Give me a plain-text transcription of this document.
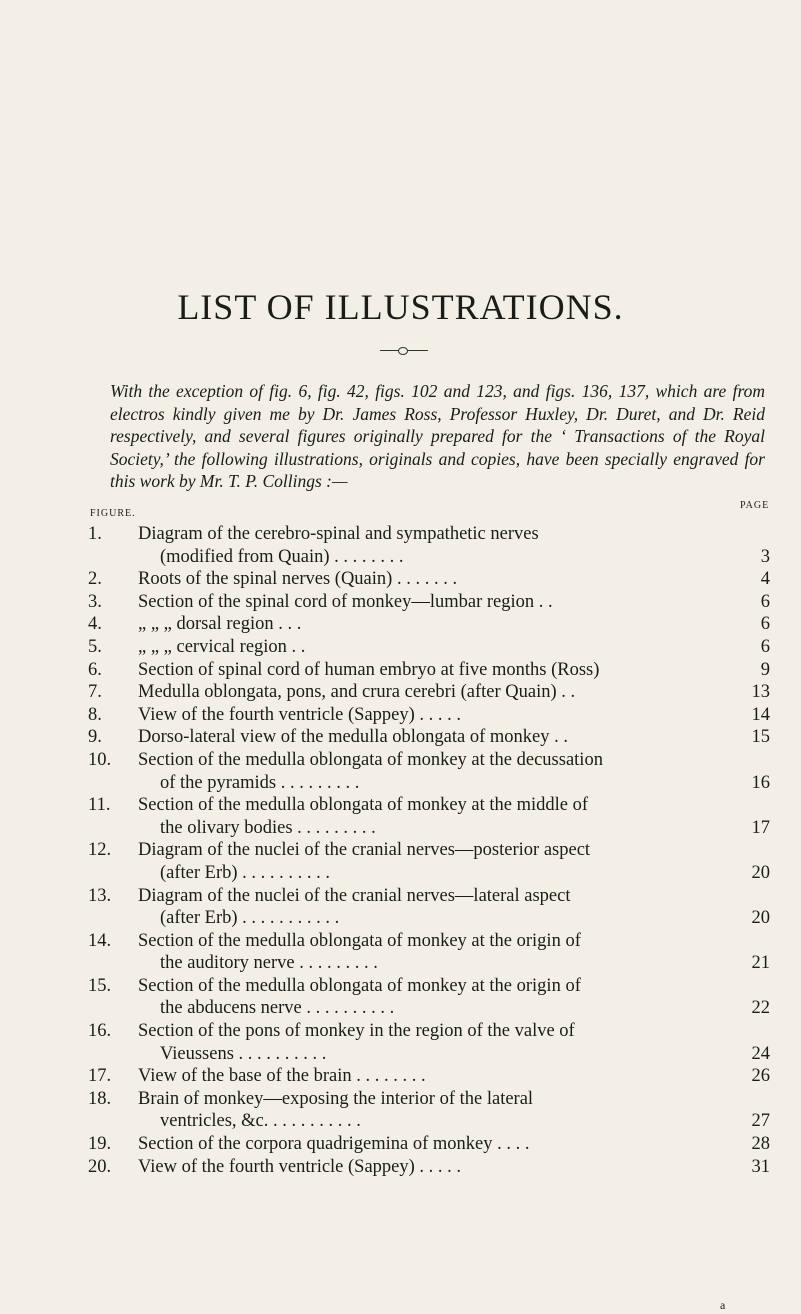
LIST OF ILLUSTRATIONS.
With the exception of fig. 6, fig. 42, figs. 102 and 123, and figs. 136, 137, which are from electros kindly given me by Dr. James Ross, Professor Huxley, Dr. Duret, and Dr. Reid respectively, and several figures originally prepared for the ‘ Transactions of the Royal Society,’ the following illustrations, originals and copies, have been specially engraved for this work by Mr. T. P. Collings :—
FIGURE.
PAGE
1.	Diagram of the cerebro-spinal and sympathetic nerves
(modified from Quain) . . . . . . . .	3
2.	Roots of the spinal nerves (Quain) . . . . . . .	4
3.	Section of the spinal cord of monkey—lumbar region . .	6
4.	„ „ „ dorsal region . . .	6
5.	„ „ „ cervical region . .	6
6.	Section of spinal cord of human embryo at five months (Ross)	9
7.	Medulla oblongata, pons, and crura cerebri (after Quain) . .	13
8.	View of the fourth ventricle (Sappey) . . . . .	14
9.	Dorso-lateral view of the medulla oblongata of monkey . .	15
10.	Section of the medulla oblongata of monkey at the decussation
of the pyramids . . . . . . . . .	16
11.	Section of the medulla oblongata of monkey at the middle of
the olivary bodies . . . . . . . . .	17
12.	Diagram of the nuclei of the cranial nerves—posterior aspect
(after Erb) . . . . . . . . . .	20
13.	Diagram of the nuclei of the cranial nerves—lateral aspect
(after Erb) . . . . . . . . . . .	20
14.	Section of the medulla oblongata of monkey at the origin of
the auditory nerve . . . . . . . . .	21
15.	Section of the medulla oblongata of monkey at the origin of
the abducens nerve . . . . . . . . . .	22
16.	Section of the pons of monkey in the region of the valve of
Vieussens . . . . . . . . . .	24
17.	View of the base of the brain . . . . . . . .	26
18.	Brain of monkey—exposing the interior of the lateral
ventricles, &c. . . . . . . . . . .	27
19.	Section of the corpora quadrigemina of monkey . . . .	28
20.	View of the fourth ventricle (Sappey) . . . . .	31
a
